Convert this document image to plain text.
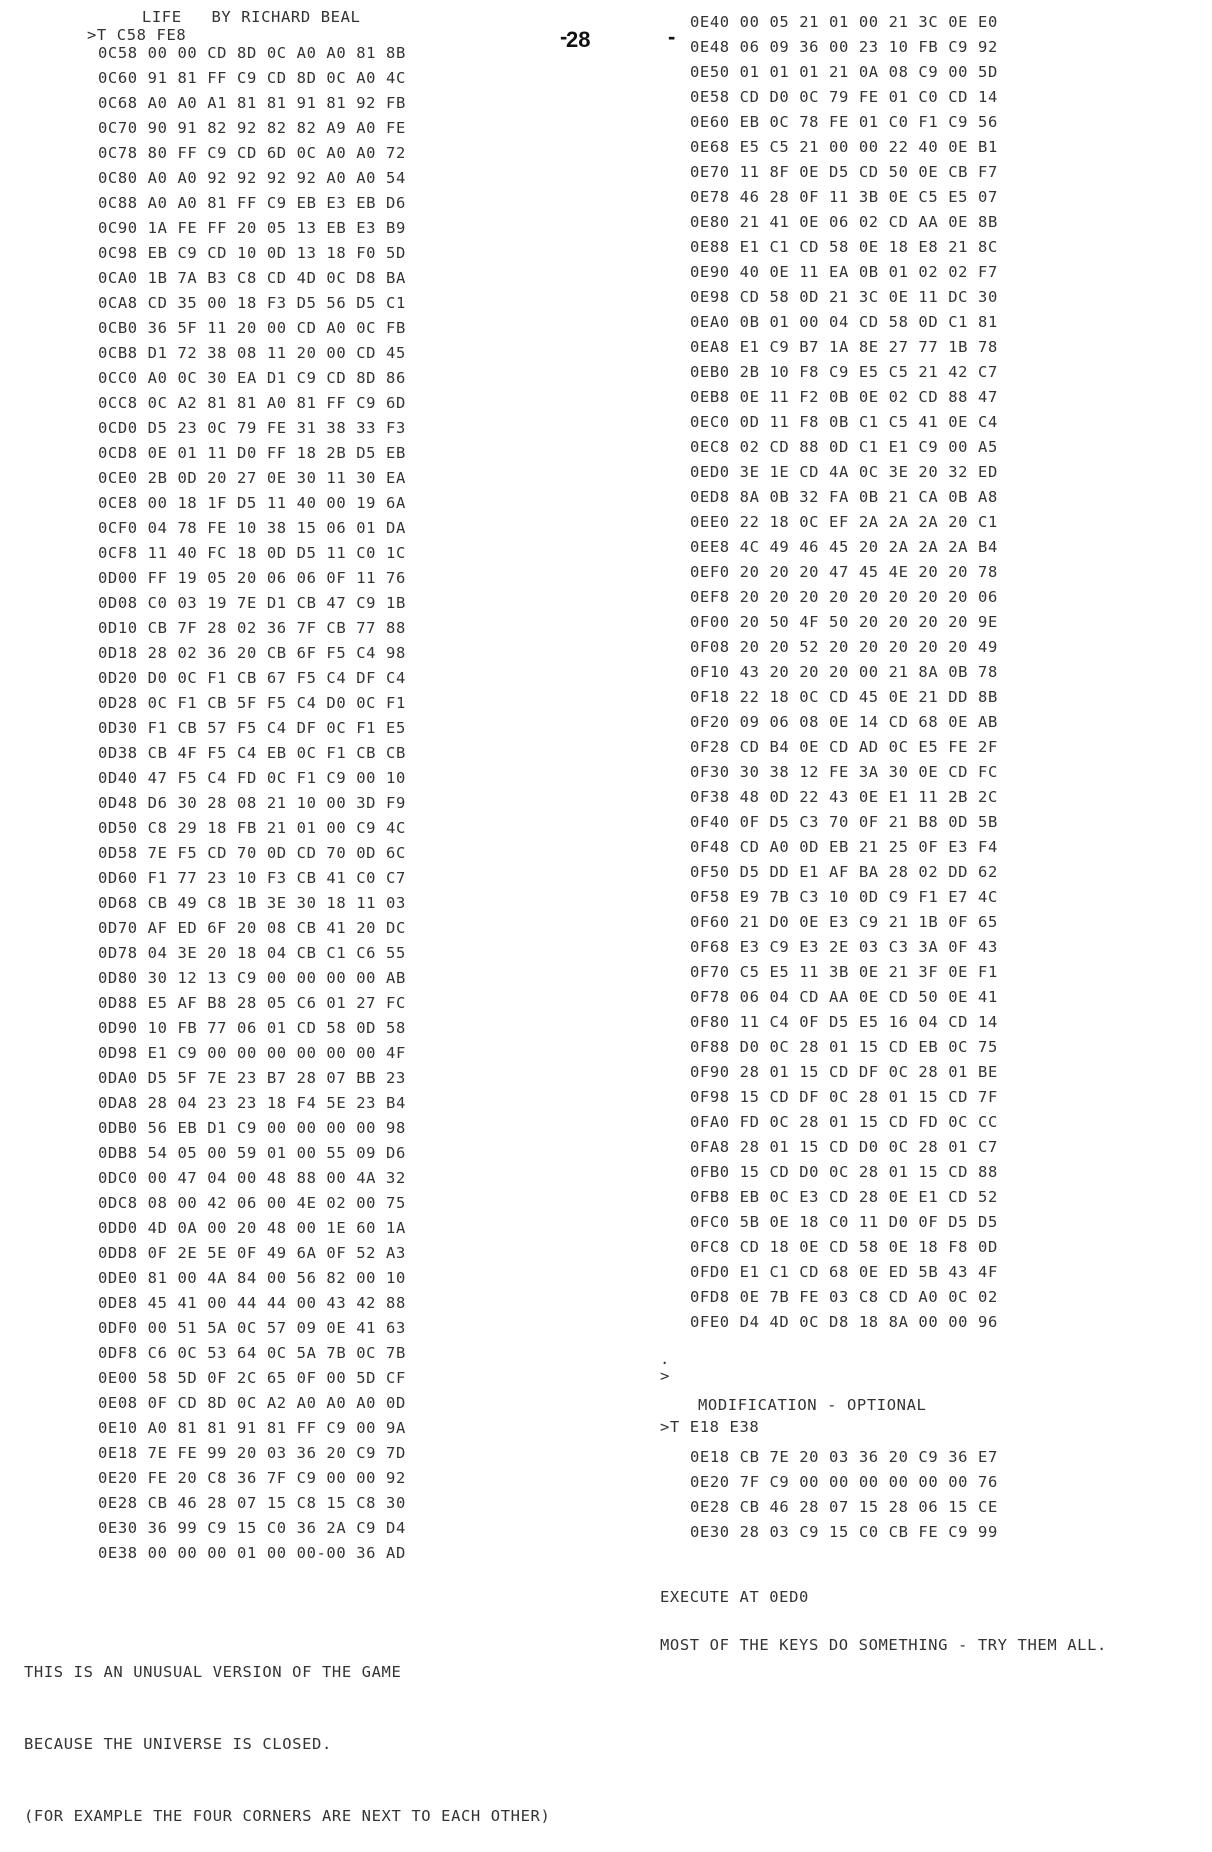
LIFE   BY RICHARD BEAL
>T C58 FE8	-
28	-
0C58 00 00 CD 8D 0C A0 A0 81 8B
0C60 91 81 FF C9 CD 8D 0C A0 4C
0C68 A0 A0 A1 81 81 91 81 92 FB
0C70 90 91 82 92 82 82 A9 A0 FE
0C78 80 FF C9 CD 6D 0C A0 A0 72
0C80 A0 A0 92 92 92 92 A0 A0 54
0C88 A0 A0 81 FF C9 EB E3 EB D6
0C90 1A FE FF 20 05 13 EB E3 B9
0C98 EB C9 CD 10 0D 13 18 F0 5D
0CA0 1B 7A B3 C8 CD 4D 0C D8 BA
0CA8 CD 35 00 18 F3 D5 56 D5 C1
0CB0 36 5F 11 20 00 CD A0 0C FB
0CB8 D1 72 38 08 11 20 00 CD 45
0CC0 A0 0C 30 EA D1 C9 CD 8D 86
0CC8 0C A2 81 81 A0 81 FF C9 6D
0CD0 D5 23 0C 79 FE 31 38 33 F3
0CD8 0E 01 11 D0 FF 18 2B D5 EB
0CE0 2B 0D 20 27 0E 30 11 30 EA
0CE8 00 18 1F D5 11 40 00 19 6A
0CF0 04 78 FE 10 38 15 06 01 DA
0CF8 11 40 FC 18 0D D5 11 C0 1C
0D00 FF 19 05 20 06 06 0F 11 76
0D08 C0 03 19 7E D1 CB 47 C9 1B
0D10 CB 7F 28 02 36 7F CB 77 88
0D18 28 02 36 20 CB 6F F5 C4 98
0D20 D0 0C F1 CB 67 F5 C4 DF C4
0D28 0C F1 CB 5F F5 C4 D0 0C F1
0D30 F1 CB 57 F5 C4 DF 0C F1 E5
0D38 CB 4F F5 C4 EB 0C F1 CB CB
0D40 47 F5 C4 FD 0C F1 C9 00 10
0D48 D6 30 28 08 21 10 00 3D F9
0D50 C8 29 18 FB 21 01 00 C9 4C
0D58 7E F5 CD 70 0D CD 70 0D 6C
0D60 F1 77 23 10 F3 CB 41 C0 C7
0D68 CB 49 C8 1B 3E 30 18 11 03
0D70 AF ED 6F 20 08 CB 41 20 DC
0D78 04 3E 20 18 04 CB C1 C6 55
0D80 30 12 13 C9 00 00 00 00 AB
0D88 E5 AF B8 28 05 C6 01 27 FC
0D90 10 FB 77 06 01 CD 58 0D 58
0D98 E1 C9 00 00 00 00 00 00 4F
0DA0 D5 5F 7E 23 B7 28 07 BB 23
0DA8 28 04 23 23 18 F4 5E 23 B4
0DB0 56 EB D1 C9 00 00 00 00 98
0DB8 54 05 00 59 01 00 55 09 D6
0DC0 00 47 04 00 48 88 00 4A 32
0DC8 08 00 42 06 00 4E 02 00 75
0DD0 4D 0A 00 20 48 00 1E 60 1A
0DD8 0F 2E 5E 0F 49 6A 0F 52 A3
0DE0 81 00 4A 84 00 56 82 00 10
0DE8 45 41 00 44 44 00 43 42 88
0DF0 00 51 5A 0C 57 09 0E 41 63
0DF8 C6 0C 53 64 0C 5A 7B 0C 7B
0E00 58 5D 0F 2C 65 0F 00 5D CF
0E08 0F CD 8D 0C A2 A0 A0 A0 0D
0E10 A0 81 81 91 81 FF C9 00 9A
0E18 7E FE 99 20 03 36 20 C9 7D
0E20 FE 20 C8 36 7F C9 00 00 92
0E28 CB 46 28 07 15 C8 15 C8 30
0E30 36 99 C9 15 C0 36 2A C9 D4
0E38 00 00 00 01 00 00-00 36 AD
0E40 00 05 21 01 00 21 3C 0E E0
0E48 06 09 36 00 23 10 FB C9 92
0E50 01 01 01 21 0A 08 C9 00 5D
0E58 CD D0 0C 79 FE 01 C0 CD 14
0E60 EB 0C 78 FE 01 C0 F1 C9 56
0E68 E5 C5 21 00 00 22 40 0E B1
0E70 11 8F 0E D5 CD 50 0E CB F7
0E78 46 28 0F 11 3B 0E C5 E5 07
0E80 21 41 0E 06 02 CD AA 0E 8B
0E88 E1 C1 CD 58 0E 18 E8 21 8C
0E90 40 0E 11 EA 0B 01 02 02 F7
0E98 CD 58 0D 21 3C 0E 11 DC 30
0EA0 0B 01 00 04 CD 58 0D C1 81
0EA8 E1 C9 B7 1A 8E 27 77 1B 78
0EB0 2B 10 F8 C9 E5 C5 21 42 C7
0EB8 0E 11 F2 0B 0E 02 CD 88 47
0EC0 0D 11 F8 0B C1 C5 41 0E C4
0EC8 02 CD 88 0D C1 E1 C9 00 A5
0ED0 3E 1E CD 4A 0C 3E 20 32 ED
0ED8 8A 0B 32 FA 0B 21 CA 0B A8
0EE0 22 18 0C EF 2A 2A 2A 20 C1
0EE8 4C 49 46 45 20 2A 2A 2A B4
0EF0 20 20 20 47 45 4E 20 20 78
0EF8 20 20 20 20 20 20 20 20 06
0F00 20 50 4F 50 20 20 20 20 9E
0F08 20 20 52 20 20 20 20 20 49
0F10 43 20 20 20 00 21 8A 0B 78
0F18 22 18 0C CD 45 0E 21 DD 8B
0F20 09 06 08 0E 14 CD 68 0E AB
0F28 CD B4 0E CD AD 0C E5 FE 2F
0F30 30 38 12 FE 3A 30 0E CD FC
0F38 48 0D 22 43 0E E1 11 2B 2C
0F40 0F D5 C3 70 0F 21 B8 0D 5B
0F48 CD A0 0D EB 21 25 0F E3 F4
0F50 D5 DD E1 AF BA 28 02 DD 62
0F58 E9 7B C3 10 0D C9 F1 E7 4C
0F60 21 D0 0E E3 C9 21 1B 0F 65
0F68 E3 C9 E3 2E 03 C3 3A 0F 43
0F70 C5 E5 11 3B 0E 21 3F 0E F1
0F78 06 04 CD AA 0E CD 50 0E 41
0F80 11 C4 0F D5 E5 16 04 CD 14
0F88 D0 0C 28 01 15 CD EB 0C 75
0F90 28 01 15 CD DF 0C 28 01 BE
0F98 15 CD DF 0C 28 01 15 CD 7F
0FA0 FD 0C 28 01 15 CD FD 0C CC
0FA8 28 01 15 CD D0 0C 28 01 C7
0FB0 15 CD D0 0C 28 01 15 CD 88
0FB8 EB 0C E3 CD 28 0E E1 CD 52
0FC0 5B 0E 18 C0 11 D0 0F D5 D5
0FC8 CD 18 0E CD 58 0E 18 F8 0D
0FD0 E1 C1 CD 68 0E ED 5B 43 4F
0FD8 0E 7B FE 03 C8 CD A0 0C 02
0FE0 D4 4D 0C D8 18 8A 00 00 96
.
>
MODIFICATION - OPTIONAL
>T E18 E38
0E18 CB 7E 20 03 36 20 C9 36 E7
0E20 7F C9 00 00 00 00 00 00 76
0E28 CB 46 28 07 15 28 06 15 CE
0E30 28 03 C9 15 C0 CB FE C9 99
EXECUTE AT 0ED0
MOST OF THE KEYS DO SOMETHING - TRY THEM ALL.

THIS IS AN UNUSUAL VERSION OF THE GAME

BECAUSE THE UNIVERSE IS CLOSED.

(FOR EXAMPLE THE FOUR CORNERS ARE NEXT TO EACH OTHER)
